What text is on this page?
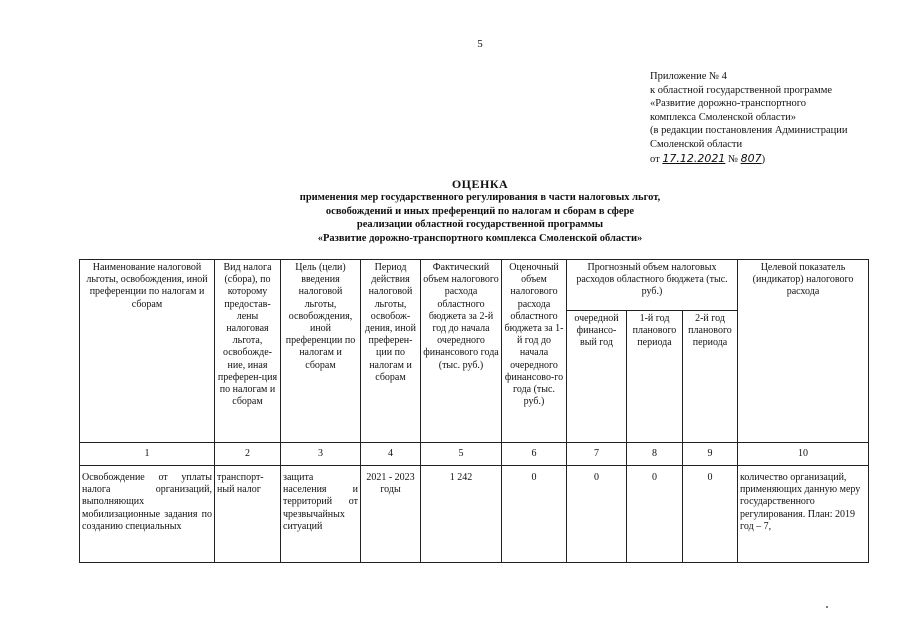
5
Приложение № 4
к областной государственной программе
«Развитие дорожно-транспортного
комплекса Смоленской области»
(в редакции постановления Администрации
Смоленской области
от 17.12.2021 № 807)
ОЦЕНКА
применения мер государственного регулирования в части налоговых льгот,
освобождений и иных преференций по налогам и сборам в сфере
реализации областной государственной программы
«Развитие дорожно-транспортного комплекса Смоленской области»
Наименование налоговой льготы, освобождения, иной преференции по налогам и сборам	Вид налога (сбора), по которому предостав-лены налоговая льгота, освобожде-ние, иная преферен-ция по налогам и сборам	Цель (цели) введения налоговой льготы, освобождения, иной преференции по налогам и сборам	Период действия налоговой льготы, освобож-дения, иной преферен-ции по налогам и сборам	Фактический объем налогового расхода областного бюджета за 2-й год до начала очередного финансового года (тыс. руб.)	Оценочный объем налогового расхода областного бюджета за 1-й год до начала очередного финансово-го года (тыс. руб.)	Прогнозный объем налоговых расходов областного бюджета (тыс. руб.)			Целевой показатель (индикатор) налогового расхода
						очередной финансо-вый год	1-й год планового периода	2-й год планового периода	
1	2	3	4	5	6	7	8	9	10
Освобождение от уплаты налога организаций, выполняющих мобилизационные задания по созданию специальных	транспорт-ный налог	защита населения и территорий от чрезвычайных ситуаций	2021 - 2023 годы	1 242	0	0	0	0	количество организаций, применяющих данную меру государственного регулирования. План: 2019 год – 7,
